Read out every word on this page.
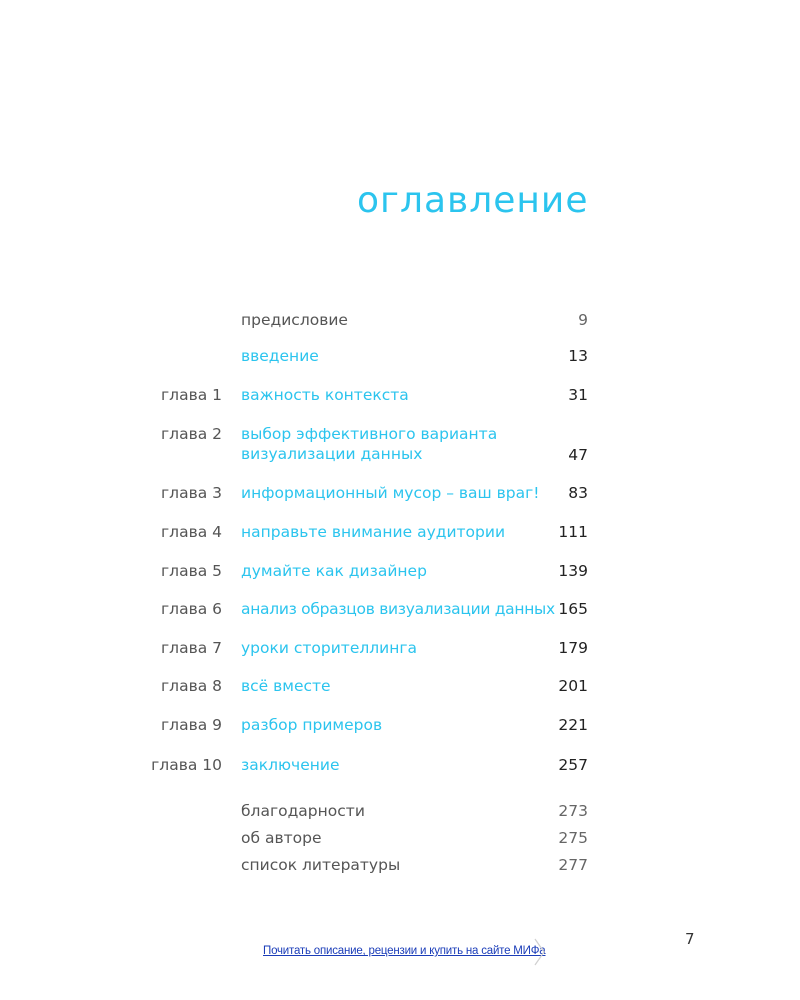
оглавление
предисловие	9
введение	13
глава 1 важность контекста	31
глава 2 выбор эффективного варианта
визуализации данных	47
глава 3 информационный мусор – ваш враг! 83
глава 4 направьте внимание аудитории	111
глава 5 думайте как дизайнер	139
глава 6 анализ образцов визуализации данных 165
глава 7 уроки сторителлинга	179
глава 8 всё вместе	201
глава 9 разбор примеров	221
глава 10 заключение	257
благодарности	273
об авторе	275
список литературы	277
7
Почитать описание, рецензии и купить на сайте МИФа
